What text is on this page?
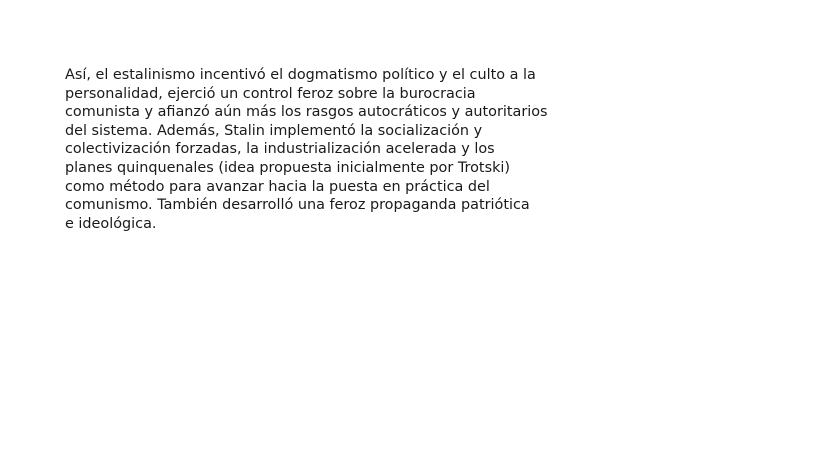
Así, el estalinismo incentivó el dogmatismo político y el culto a la
personalidad, ejerció un control feroz sobre la burocracia
comunista y afianzó aún más los rasgos autocráticos y autoritarios
del sistema. Además, Stalin implementó la socialización y
colectivización forzadas, la industrialización acelerada y los
planes quinquenales (idea propuesta inicialmente por Trotski)
como método para avanzar hacia la puesta en práctica del
comunismo. También desarrolló una feroz propaganda patriótica
e ideológica.
